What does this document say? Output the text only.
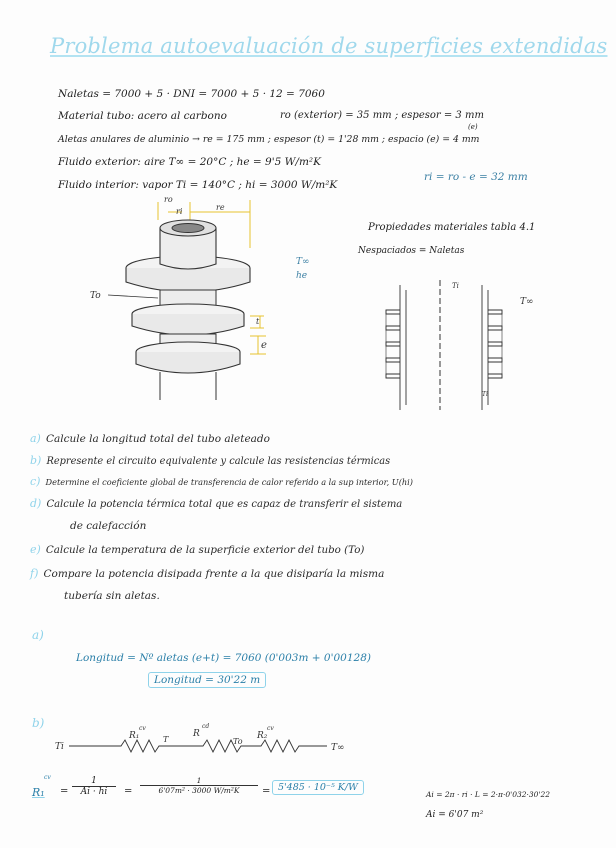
Problema autoevaluación de superficies extendidas
Naletas = 7000 + 5 · DNI = 7000 + 5 · 12 = 7060
Material tubo: acero al carbono	ro (exterior) = 35 mm ; espesor = 3 mm
(e)
Aletas anulares de aluminio → re = 175 mm ; espesor (t) = 1'28 mm ; espacio (e) = 4 mm
Fluido exterior: aire T∞ = 20°C ; he = 9'5 W/m²K
Fluido interior: vapor Ti = 140°C ; hi = 3000 W/m²K
ri = ro - e = 32 mm
ro
ri	re
To
t
e
T∞
he
Propiedades materiales tabla 4.1
Nespaciados = Naletas
Ti
T∞
Ti
a) Calcule la longitud total del tubo aleteado
b) Represente el circuito equivalente y calcule las resistencias térmicas
c) Determine el coeficiente global de transferencia de calor referido a la sup interior, U(hi)
d) Calcule la potencia térmica total que es capaz de transferir el sistema
de calefacción
e) Calcule la temperatura de la superficie exterior del tubo (To)
f) Compare la potencia disipada frente a la que disiparía la misma
tubería sin aletas.
a)
Longitud = Nº aletas (e+t) = 7060 (0'003m + 0'00128)
Longitud = 30'22 m
b)
Ti
R₁
cv
T
R
cd
To
R₂
cv
T∞
R₁
cv
= $\frac{1}{Ai \cdot hi} = \frac{1}{\text{6'07m² · 3000 W/m²K}} = 5'485 \cdot 10^{-5}$ K/W
Ai = 2π · ri · L = 2·π·0'032·30'22
Ai = 6'07 m²
